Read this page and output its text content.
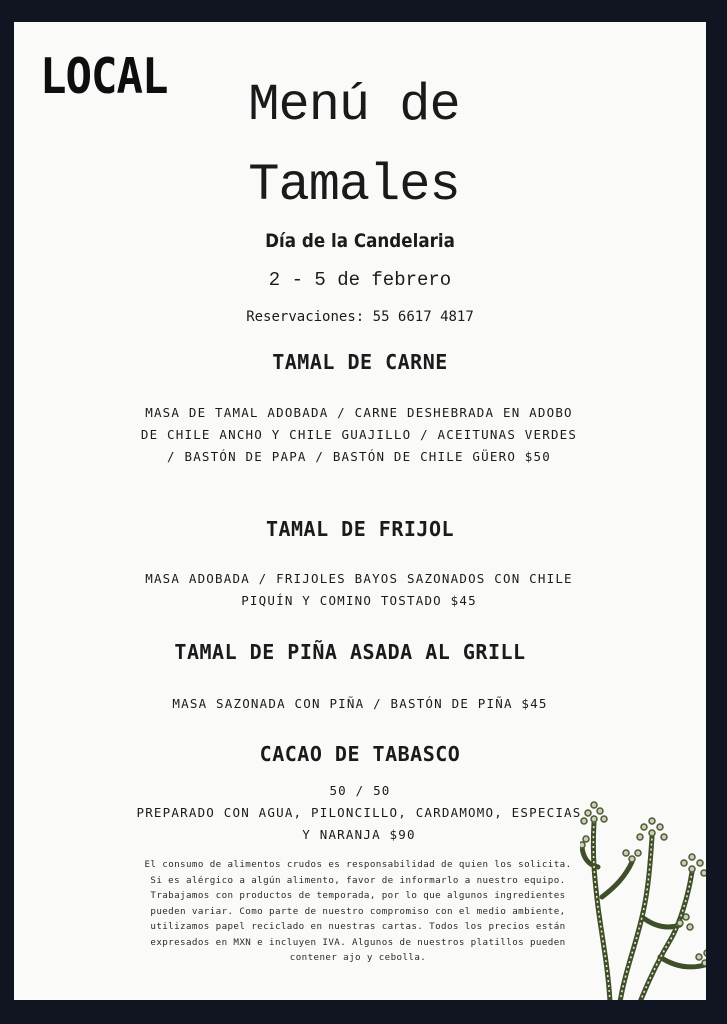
LOCAL	Menú de
Tamales
Día de la Candelaria
2 - 5 de febrero
Reservaciones: 55 6617 4817
TAMAL DE CARNE
MASA DE TAMAL ADOBADA / CARNE DESHEBRADA EN ADOBO DE CHILE ANCHO Y CHILE GUAJILLO / ACEITUNAS VERDES / BASTÓN DE PAPA / BASTÓN DE CHILE GÜERO $50
TAMAL DE FRIJOL
MASA ADOBADA / FRIJOLES BAYOS SAZONADOS CON CHILE PIQUÍN Y COMINO TOSTADO $45
TAMAL DE PIÑA ASADA AL GRILL
MASA SAZONADA CON PIÑA / BASTÓN DE PIÑA $45
CACAO DE TABASCO
50 / 50
PREPARADO CON AGUA, PILONCILLO, CARDAMOMO, ESPECIAS Y NARANJA $90
El consumo de alimentos crudos es responsabilidad de quien los solicita. Si es alérgico a algún alimento, favor de informarlo a nuestro equipo. Trabajamos con productos de temporada, por lo que algunos ingredientes pueden variar. Como parte de nuestro compromiso con el medio ambiente, utilizamos papel reciclado en nuestras cartas. Todos los precios están expresados en MXN e incluyen IVA. Algunos de nuestros platillos pueden contener ajo y cebolla.
